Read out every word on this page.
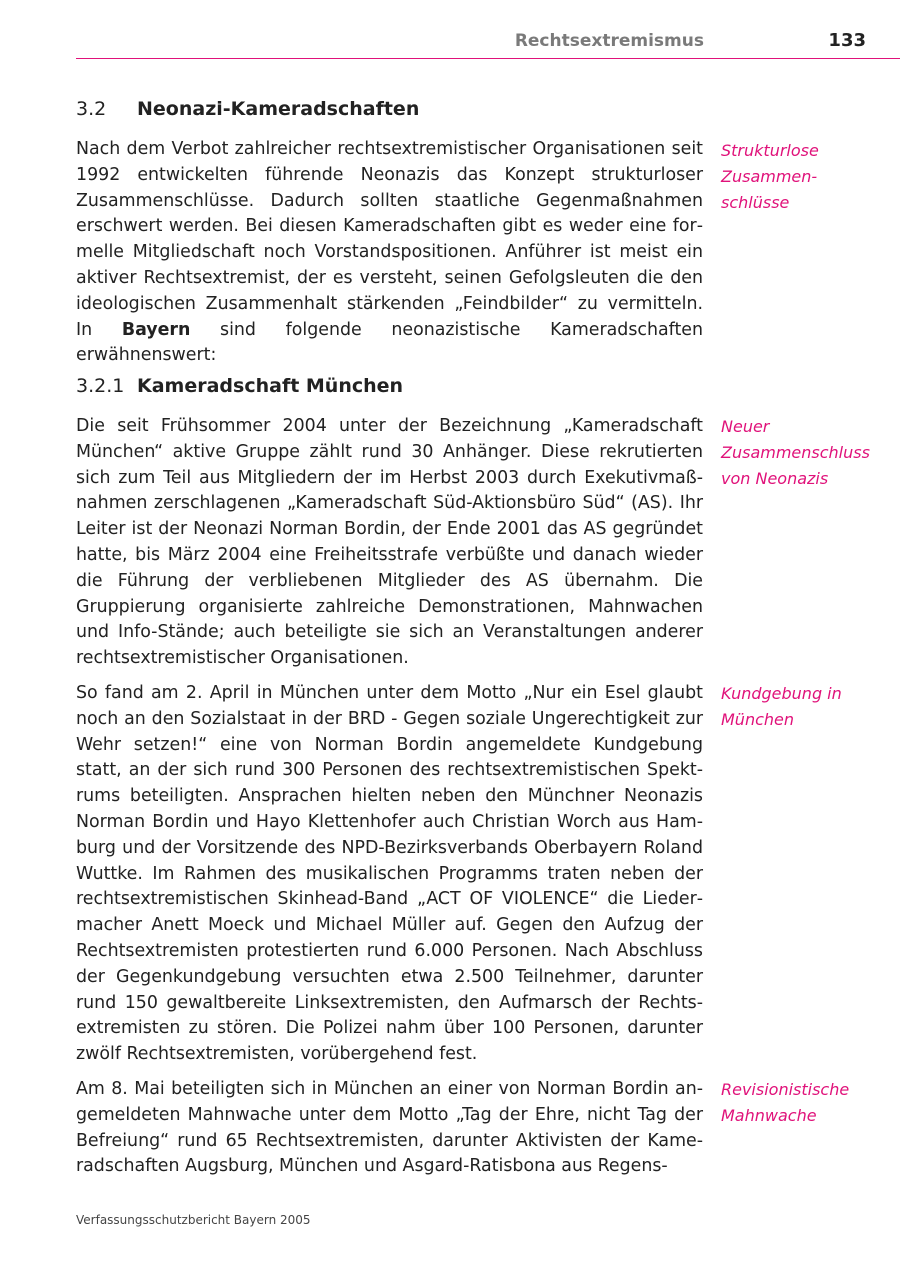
Rechtsextremismus	133
3.2 Neonazi-Kameradschaften

Nach dem Verbot zahlreicher rechtsextremistischer Organisationen seit 1992 entwickelten führende Neonazis das Konzept strukturloser Zusammenschlüsse. Dadurch sollten staatliche Gegenmaßnahmen erschwert werden. Bei diesen Kameradschaften gibt es weder eine formelle Mitgliedschaft noch Vorstandspositionen. Anführer ist meist ein aktiver Rechtsextremist, der es versteht, seinen Gefolgsleuten die den ideologischen Zusammenhalt stärkenden „Feindbilder“ zu vermitteln. In Bayern sind folgende neonazistische Kameradschaften erwähnenswert:

Strukturlose
Zusammen-
schlüsse
3.2.1 Kameradschaft München

Die seit Frühsommer 2004 unter der Bezeichnung „Kameradschaft München“ aktive Gruppe zählt rund 30 Anhänger. Diese rekrutierten sich zum Teil aus Mitgliedern der im Herbst 2003 durch Exekutivmaßnahmen zerschlagenen „Kameradschaft Süd-Aktionsbüro Süd“ (AS). Ihr Leiter ist der Neonazi Norman Bordin, der Ende 2001 das AS gegründet hatte, bis März 2004 eine Freiheitsstrafe verbüßte und danach wieder die Führung der verbliebenen Mitglieder des AS übernahm. Die Gruppierung organisierte zahlreiche Demonstrationen, Mahnwachen und Info-Stände; auch beteiligte sie sich an Veranstaltungen anderer rechtsextremistischer Organisationen.

Neuer
Zusammenschluss
von Neonazis

So fand am 2. April in München unter dem Motto „Nur ein Esel glaubt noch an den Sozialstaat in der BRD - Gegen soziale Ungerechtigkeit zur Wehr setzen!“ eine von Norman Bordin angemeldete Kundgebung statt, an der sich rund 300 Personen des rechtsextremistischen Spektrums beteiligten. Ansprachen hielten neben den Münchner Neonazis Norman Bordin und Hayo Klettenhofer auch Christian Worch aus Hamburg und der Vorsitzende des NPD-Bezirksverbands Oberbayern Roland Wuttke. Im Rahmen des musikalischen Programms traten neben der rechtsextremistischen Skinhead-Band „ACT OF VIOLENCE“ die Liedermacher Anett Moeck und Michael Müller auf. Gegen den Aufzug der Rechtsextremisten protestierten rund 6.000 Personen. Nach Abschluss der Gegenkundgebung versuchten etwa 2.500 Teilnehmer, darunter rund 150 gewaltbereite Linksextremisten, den Aufmarsch der Rechtsextremisten zu stören. Die Polizei nahm über 100 Personen, darunter zwölf Rechtsextremisten, vorübergehend fest.

Kundgebung in
München

Am 8. Mai beteiligten sich in München an einer von Norman Bordin angemeldeten Mahnwache unter dem Motto „Tag der Ehre, nicht Tag der Befreiung“ rund 65 Rechtsextremisten, darunter Aktivisten der Kameradschaften Augsburg, München und Asgard-Ratisbona aus Regens-

Revisionistische
Mahnwache
Verfassungsschutzbericht Bayern 2005
